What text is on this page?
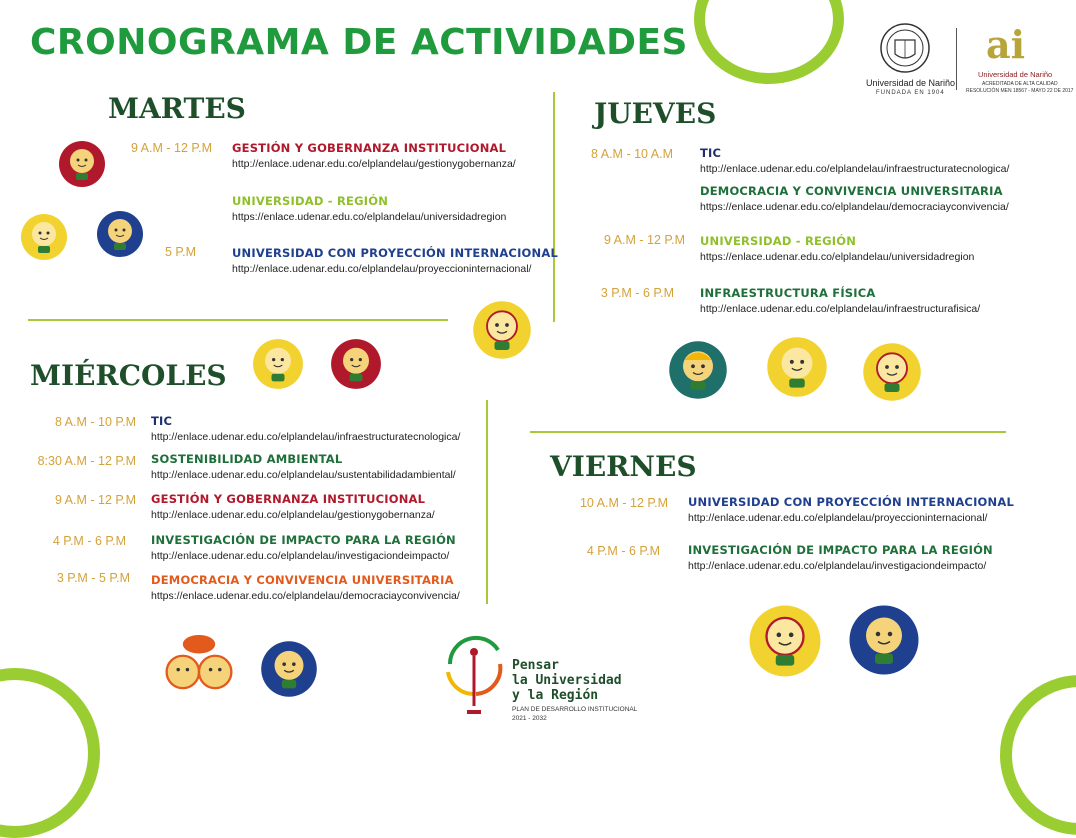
CRONOGRAMA DE ACTIVIDADES
Universidad de Nariño
FUNDADA EN 1904
ai
Universidad de Nariño
ACREDITADA DE ALTA CALIDAD
RESOLUCIÓN MEN 18567 - MAYO 22 DE 2017
MARTES
9 A.M - 12 P.M GESTIÓN Y GOBERNANZA INSTITUCIONAL
http://enlace.udenar.edu.co/elplandelau/gestionygobernanza/
UNIVERSIDAD - REGIÓN
https://enlace.udenar.edu.co/elplandelau/universidadregion
5 P.M	UNIVERSIDAD CON PROYECCIÓN INTERNACIONAL
http://enlace.udenar.edu.co/elplandelau/proyeccioninternacional/
JUEVES
8 A.M - 10 A.M TIC
http://enlace.udenar.edu.co/elplandelau/infraestructuratecnologica/
DEMOCRACIA Y CONVIVENCIA UNIVERSITARIA
https://enlace.udenar.edu.co/elplandelau/democraciayconvivencia/
9 A.M - 12 P.M UNIVERSIDAD - REGIÓN
https://enlace.udenar.edu.co/elplandelau/universidadregion
3 P.M - 6 P.M INFRAESTRUCTURA FÍSICA
http://enlace.udenar.edu.co/elplandelau/infraestructurafisica/
MIÉRCOLES
8 A.M - 10 P.M TIC
http://enlace.udenar.edu.co/elplandelau/infraestructuratecnologica/
8:30 A.M - 12 P.M SOSTENIBILIDAD AMBIENTAL
http://enlace.udenar.edu.co/elplandelau/sustentabilidadambiental/
9 A.M - 12 P.M GESTIÓN Y GOBERNANZA INSTITUCIONAL
http://enlace.udenar.edu.co/elplandelau/gestionygobernanza/
4 P.M - 6 P.M INVESTIGACIÓN DE IMPACTO PARA LA REGIÓN
http://enlace.udenar.edu.co/elplandelau/investigaciondeimpacto/
3 P.M - 5 P.M DEMOCRACIA Y CONVIVENCIA UNIVERSITARIA
https://enlace.udenar.edu.co/elplandelau/democraciayconvivencia/
VIERNES
10 A.M - 12 P.M UNIVERSIDAD CON PROYECCIÓN INTERNACIONAL
http://enlace.udenar.edu.co/elplandelau/proyeccioninternacional/
4 P.M - 6 P.M INVESTIGACIÓN DE IMPACTO PARA LA REGIÓN
http://enlace.udenar.edu.co/elplandelau/investigaciondeimpacto/
Pensar
la Universidad
y la Región
PLAN DE DESARROLLO INSTITUCIONAL
2021 - 2032
